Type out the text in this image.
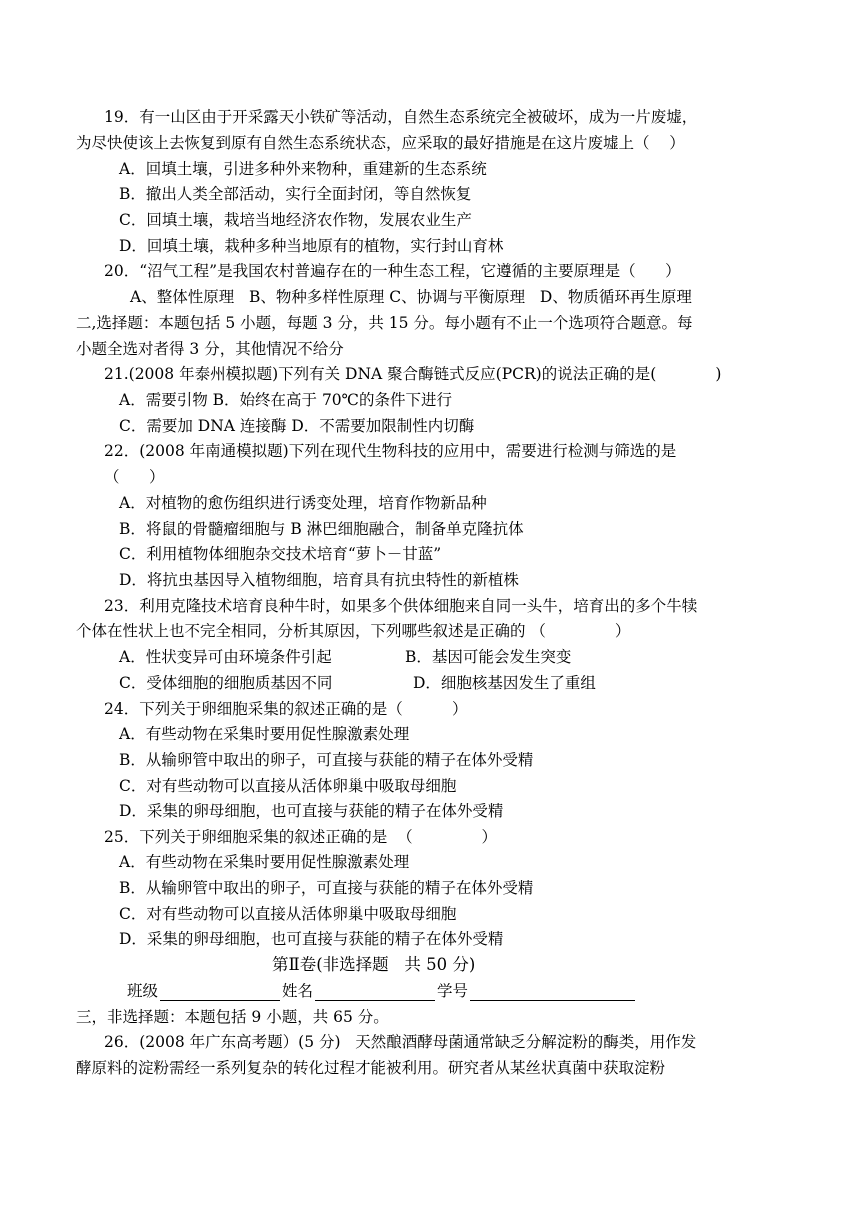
19．有一山区由于开采露天小铁矿等活动，自然生态系统完全被破坏，成为一片废墟，
为尽快使该上去恢复到原有自然生态系统状态，应采取的最好措施是在这片废墟上（    ）
A．回填土壤，引进多种外来物种，重建新的生态系统
B．撤出人类全部活动，实行全面封闭，等自然恢复
C．回填土壤，栽培当地经济农作物，发展农业生产
D．回填土壤，栽种多种当地原有的植物，实行封山育林
20．“沼气工程”是我国农村普遍存在的一种生态工程，它遵循的主要原理是（      ）
A、整体性原理   B、物种多样性原理 C、协调与平衡原理   D、物质循环再生原理
二,选择题：本题包括 5 小题，每题 3 分，共 15 分。每小题有不止一个选项符合题意。每
小题全选对者得 3 分，其他情况不给分
21.(2008 年泰州模拟题)下列有关 DNA 聚合酶链式反应(PCR)的说法正确的是(            )
A．需要引物 B．始终在高于 70℃的条件下进行
C．需要加 DNA 连接酶 D．不需要加限制性内切酶
22．(2008 年南通模拟题)下列在现代生物科技的应用中，需要进行检测与筛选的是
（      ）
A．对植物的愈伤组织进行诱变处理，培育作物新品种
B．将鼠的骨髓瘤细胞与 B 淋巴细胞融合，制备单克隆抗体
C．利用植物体细胞杂交技术培育“萝卜－甘蓝”
D．将抗虫基因导入植物细胞，培育具有抗虫特性的新植株
23．利用克隆技术培育良种牛时，如果多个供体细胞来自同一头牛，培育出的多个牛犊
个体在性状上也不完全相同，分析其原因，下列哪些叙述是正确的 （              ）
A．性状变异可由环境条件引起	B．基因可能会发生突变
C．受体细胞的细胞质基因不同	D．细胞核基因发生了重组
24．下列关于卵细胞采集的叙述正确的是（          ）
A．有些动物在采集时要用促性腺激素处理
B．从输卵管中取出的卵子，可直接与获能的精子在体外受精
C．对有些动物可以直接从活体卵巢中吸取母细胞
D．采集的卵母细胞，也可直接与获能的精子在体外受精
25．下列关于卵细胞采集的叙述正确的是  （              ）
A．有些动物在采集时要用促性腺激素处理
B．从输卵管中取出的卵子，可直接与获能的精子在体外受精
C．对有些动物可以直接从活体卵巢中吸取母细胞
D．采集的卵母细胞，也可直接与获能的精子在体外受精
第Ⅱ卷(非选择题   共 50 分)
班级	姓名	学号
三，非选择题：本题包括 9 小题，共 65 分。
26．(2008 年广东高考题）(5 分)   天然酿酒酵母菌通常缺乏分解淀粉的酶类，用作发
酵原料的淀粉需经一系列复杂的转化过程才能被利用。研究者从某丝状真菌中获取淀粉
